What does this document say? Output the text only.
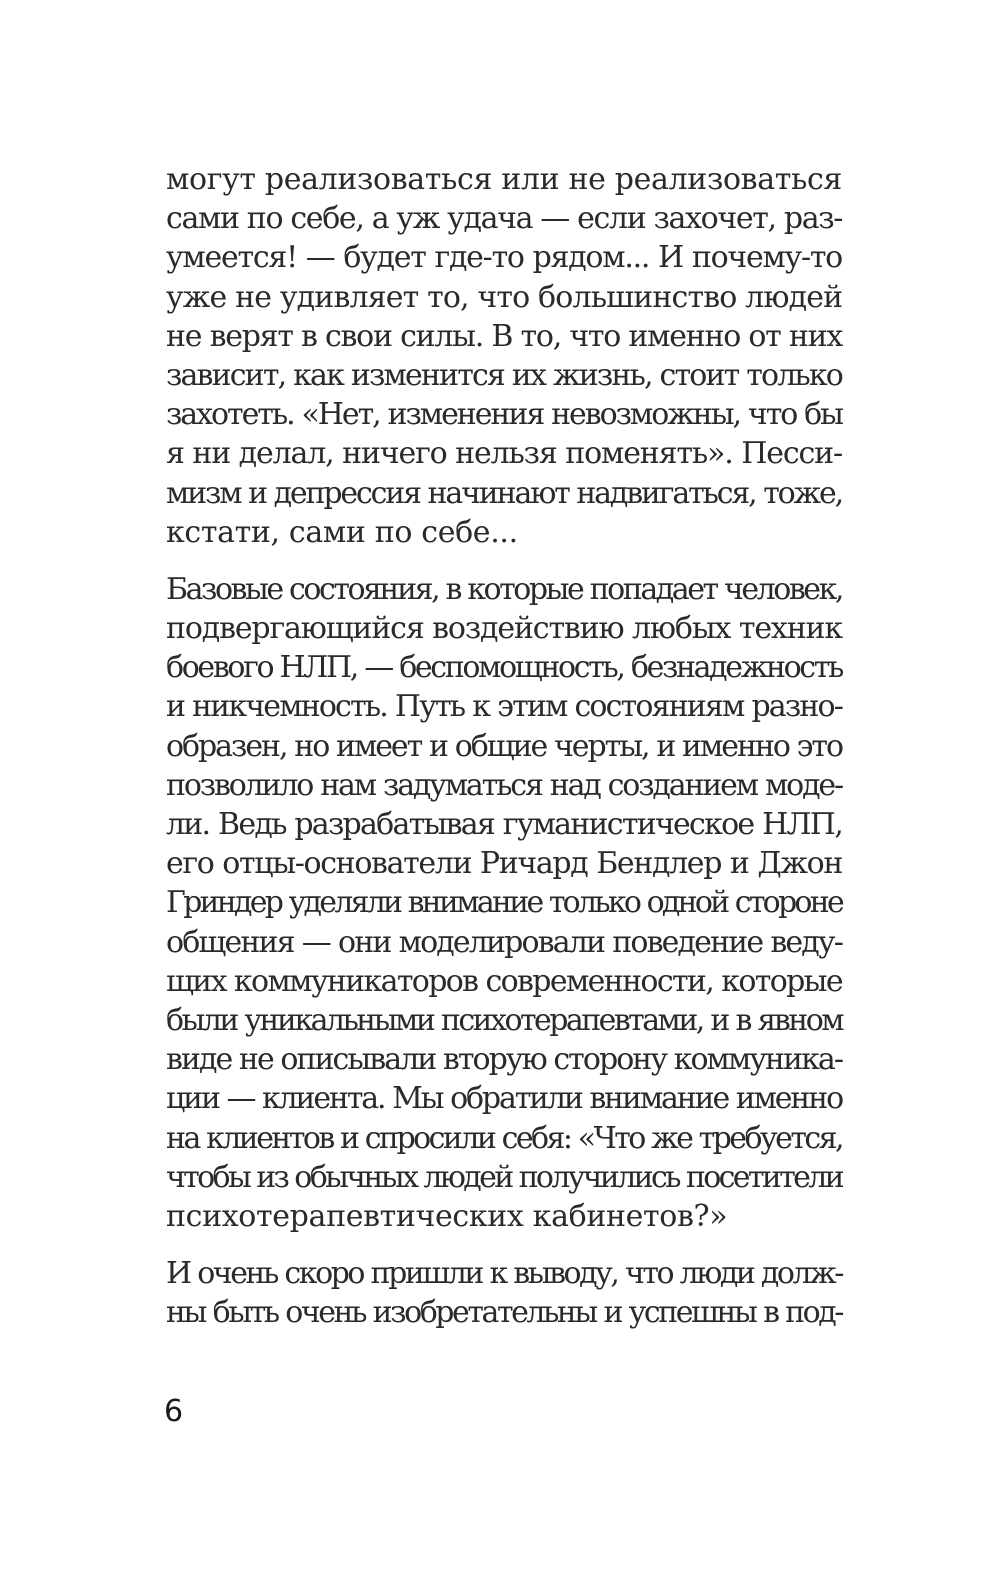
могут реализоваться или не реализоваться
сами по себе, а уж удача — если захочет, раз-
умеется! — будет где-то рядом... И почему-то
уже не удивляет то, что большинство людей
не верят в свои силы. В то, что именно от них
зависит, как изменится их жизнь, стоит только
захотеть. «Нет, изменения невозможны, что бы
я ни делал, ничего нельзя поменять». Песси-
мизм и депрессия начинают надвигаться, тоже,
кстати, сами по себе...

Базовые состояния, в которые попадает человек,
подвергающийся воздействию любых техник
боевого НЛП, — беспомощность, безнадежность
и никчемность. Путь к этим состояниям разно-
образен, но имеет и общие черты, и именно это
позволило нам задуматься над созданием моде-
ли. Ведь разрабатывая гуманистическое НЛП,
его отцы-основатели Ричард Бендлер и Джон
Гриндер уделяли внимание только одной стороне
общения — они моделировали поведение веду-
щих коммуникаторов современности, которые
были уникальными психотерапевтами, и в явном
виде не описывали вторую сторону коммуника-
ции — клиента. Мы обратили внимание именно
на клиентов и спросили себя: «Что же требуется,
чтобы из обычных людей получились посетители
психотерапевтических кабинетов?»

И очень скоро пришли к выводу, что люди долж-
ны быть очень изобретательны и успешны в под-

6
